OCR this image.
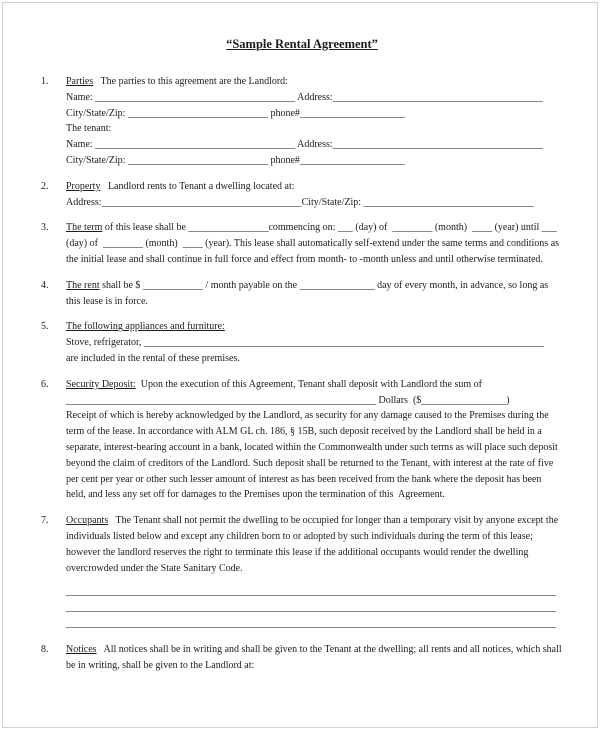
“Sample Rental Agreement”
1.	Parties   The parties to this agreement are the Landlord:
Name: ________________________________________ Address:__________________________________________
City/State/Zip: ____________________________ phone#_____________________
The tenant:
Name: ________________________________________ Address:__________________________________________
City/State/Zip: ____________________________ phone#_____________________
2.	Property   Landlord rents to Tenant a dwelling located at:
Address:________________________________________City/State/Zip: __________________________________
3.	The term of this lease shall be ________________commencing on: ___ (day) of  ________ (month)  ____ (year) until ___ (day) of  ________ (month)  ____ (year). This lease shall automatically self-extend under the same terms and conditions as the initial lease and shall continue in full force and effect from month- to -month unless and until otherwise terminated.
4.	The rent shall be $ ____________ / month payable on the _______________ day of every month, in advance, so long as this lease is in force.
5.	The following appliances and furniture:
Stove, refrigerator, ________________________________________________________________________________
are included in the rental of these premises.
6.	Security Deposit:  Upon the execution of this Agreement, Tenant shall deposit with Landlord the sum of
______________________________________________________________ Dollars  ($_________________)
Receipt of which is hereby acknowledged by the Landlord, as security for any damage caused to the Premises during the term of the lease. In accordance with ALM GL ch. 186, § 15B, such deposit received by the Landlord shall be held in a separate, interest-bearing account in a bank, located within the Commonwealth under such terms as will place such deposit beyond the claim of creditors of the Landlord. Such deposit shall be returned to the Tenant, with interest at the rate of five per cent per year or other such lesser amount of interest as has been received from the bank where the deposit has been held, and less any set off for damages to the Premises upon the termination of this  Agreement.
7.	Occupants   The Tenant shall not permit the dwelling to be occupied for longer than a temporary visit by anyone except the individuals listed below and except any children born to or adopted by such individuals during the term of this lease; however the landlord reserves the right to terminate this lease if the additional occupants would render the dwelling overcrowded under the State Sanitary Code.
__________________________________________________________________________________________________
__________________________________________________________________________________________________
__________________________________________________________________________________________________
8.	Notices   All notices shall be in writing and shall be given to the Tenant at the dwelling; all rents and all notices, which shall be in writing, shall be given to the Landlord at:
